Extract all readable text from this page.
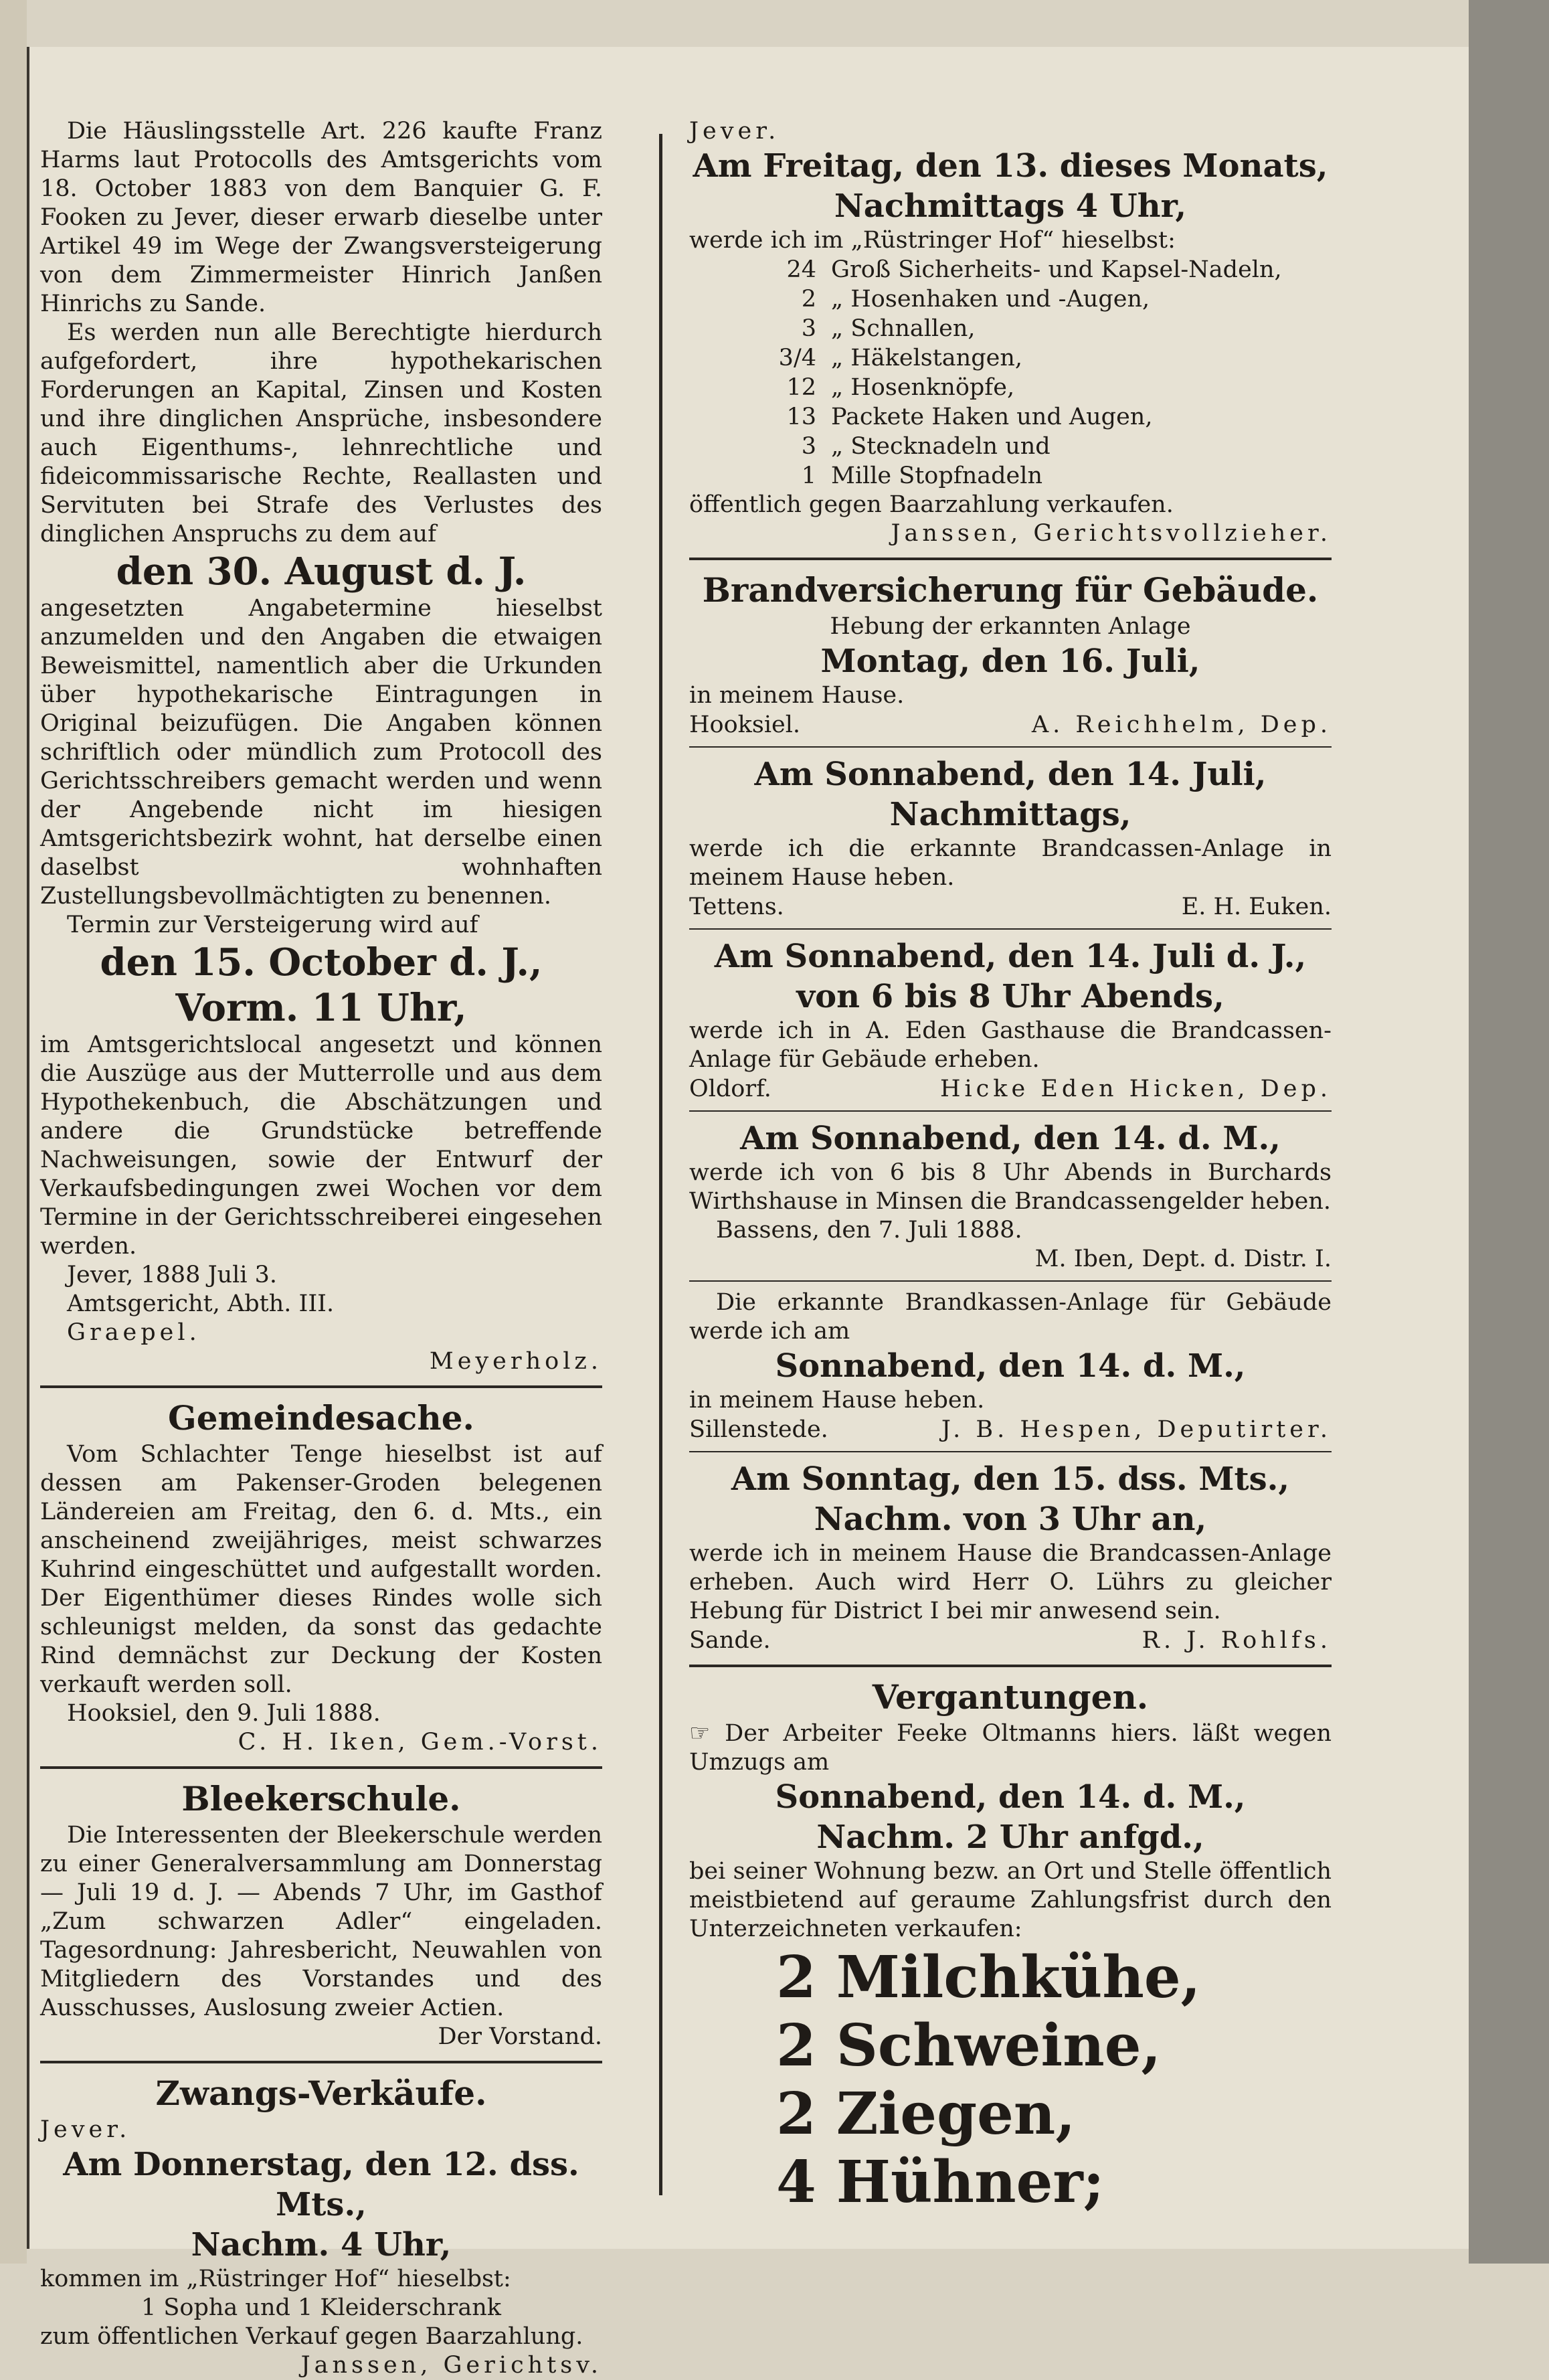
Die Häuslingsstelle Art. 226 kaufte Franz Harms laut Protocolls des Amtsgerichts vom 18. October 1883 von dem Banquier G. F. Fooken zu Jever, dieser erwarb dieselbe unter Artikel 49 im Wege der Zwangsversteigerung von dem Zimmermeister Hinrich Janßen Hinrichs zu Sande.

Es werden nun alle Berechtigte hierdurch aufgefordert, ihre hypothekarischen Forderungen an Kapital, Zinsen und Kosten und ihre dinglichen Ansprüche, insbesondere auch Eigenthums-, lehnrechtliche und fideicommissarische Rechte, Reallasten und Servituten bei Strafe des Verlustes des dinglichen Anspruchs zu dem auf

den 30. August d. J.

angesetzten Angabetermine hieselbst anzumelden und den Angaben die etwaigen Beweismittel, namentlich aber die Urkunden über hypothekarische Eintragungen in Original beizufügen. Die Angaben können schriftlich oder mündlich zum Protocoll des Gerichtsschreibers gemacht werden und wenn der Angebende nicht im hiesigen Amtsgerichtsbezirk wohnt, hat derselbe einen daselbst wohnhaften Zustellungsbevollmächtigten zu benennen.

Termin zur Versteigerung wird auf

den 15. October d. J.,

Vorm. 11 Uhr,

im Amtsgerichtslocal angesetzt und können die Auszüge aus der Mutterrolle und aus dem Hypothekenbuch, die Abschätzungen und andere die Grundstücke betreffende Nachweisungen, sowie der Entwurf der Verkaufsbedingungen zwei Wochen vor dem Termine in der Gerichtsschreiberei eingesehen werden.

Jever, 1888 Juli 3.

Amtsgericht, Abth. III.

Graepel.

Meyerholz.

Gemeindesache.

Vom Schlachter Tenge hieselbst ist auf dessen am Pakenser-Groden belegenen Ländereien am Freitag, den 6. d. Mts., ein anscheinend zweijähriges, meist schwarzes Kuhrind eingeschüttet und aufgestallt worden. Der Eigenthümer dieses Rindes wolle sich schleunigst melden, da sonst das gedachte Rind demnächst zur Deckung der Kosten verkauft werden soll.

Hooksiel, den 9. Juli 1888.

C. H. Iken, Gem.-Vorst.

Bleekerschule.

Die Interessenten der Bleekerschule werden zu einer Generalversammlung am Donnerstag — Juli 19 d. J. — Abends 7 Uhr, im Gasthof „Zum schwarzen Adler“ eingeladen. Tagesordnung: Jahresbericht, Neuwahlen von Mitgliedern des Vorstandes und des Ausschusses, Auslosung zweier Actien.

Der Vorstand.

Zwangs-Verkäufe.

Jever.

Am Donnerstag, den 12. dss. Mts.,

Nachm. 4 Uhr,

kommen im „Rüstringer Hof“ hieselbst:

1 Sopha und 1 Kleiderschrank

zum öffentlichen Verkauf gegen Baarzahlung.

Janssen, Gerichtsv.

Jever.

Am Freitag, den 13. dieses Monats,

Nachmittags 4 Uhr,

werde ich im „Rüstringer Hof“ hieselbst:

24 Groß Sicherheits- und Kapsel-Nadeln,
2 „ Hosenhaken und -Augen,
3 „ Schnallen,
3/4 „ Häkelstangen,
12 „ Hosenknöpfe,
13 Packete Haken und Augen,
3 „ Stecknadeln und
1 Mille Stopfnadeln

öffentlich gegen Baarzahlung verkaufen.

Janssen, Gerichtsvollzieher.

Brandversicherung für Gebäude.

Hebung der erkannten Anlage

Montag, den 16. Juli,

in meinem Hause.

Hooksiel.	A. Reichhelm, Dep.

Am Sonnabend, den 14. Juli,

Nachmittags,

werde ich die erkannte Brandcassen-Anlage in meinem Hause heben.

Tettens.	E. H. Euken.

Am Sonnabend, den 14. Juli d. J.,

von 6 bis 8 Uhr Abends,

werde ich in A. Eden Gasthause die Brandcassen-Anlage für Gebäude erheben.

Oldorf.	Hicke Eden Hicken, Dep.

Am Sonnabend, den 14. d. M.,

werde ich von 6 bis 8 Uhr Abends in Burchards Wirthshause in Minsen die Brandcassengelder heben.

Bassens, den 7. Juli 1888.

M. Iben, Dept. d. Distr. I.

Die erkannte Brandkassen-Anlage für Gebäude werde ich am

Sonnabend, den 14. d. M.,

in meinem Hause heben.

Sillenstede.	J. B. Hespen, Deputirter.

Am Sonntag, den 15. dss. Mts.,

Nachm. von 3 Uhr an,

werde ich in meinem Hause die Brandcassen-Anlage erheben. Auch wird Herr O. Lührs zu gleicher Hebung für District I bei mir anwesend sein.

Sande.	R. J. Rohlfs.

Vergantungen.

☞ Der Arbeiter Feeke Oltmanns hiers. läßt wegen Umzugs am

Sonnabend, den 14. d. M.,

Nachm. 2 Uhr anfgd.,

bei seiner Wohnung bezw. an Ort und Stelle öffentlich meistbietend auf geraume Zahlungsfrist durch den Unterzeichneten verkaufen:

2 Milchkühe,

2 Schweine,

2 Ziegen,

4 Hühner;
